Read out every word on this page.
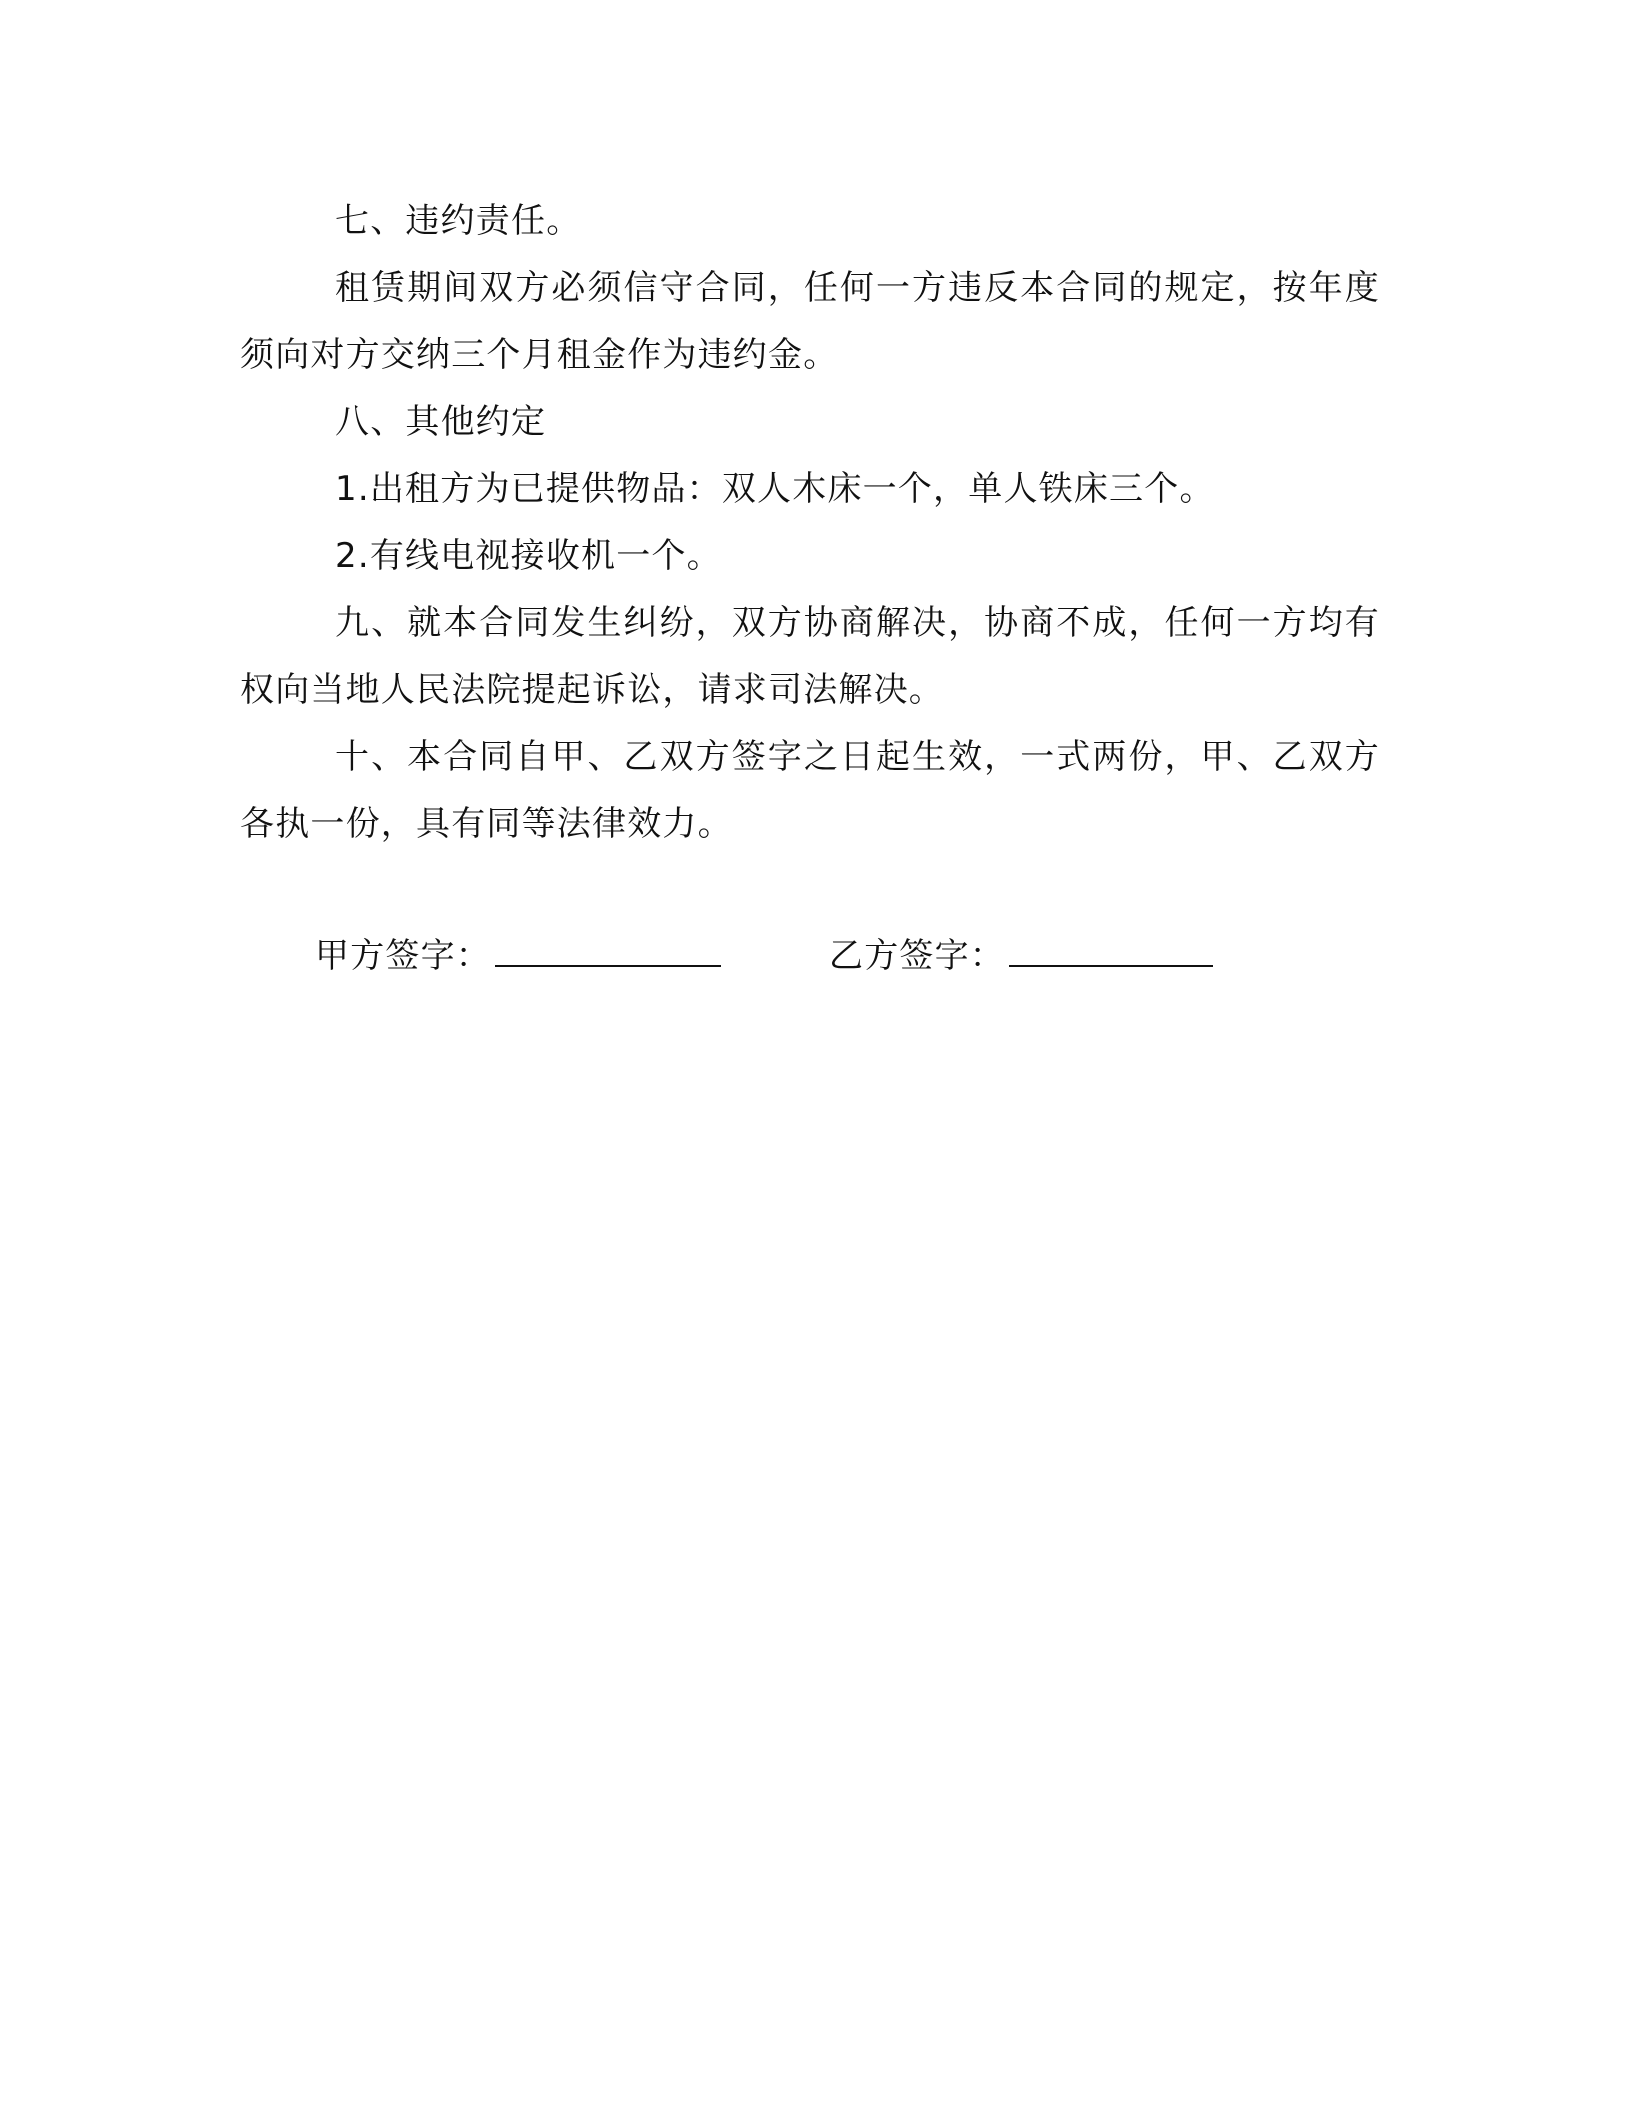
七、违约责任。

租赁期间双方必须信守合同，任何一方违反本合同的规定，按年度须向对方交纳三个月租金作为违约金。

八、其他约定

1.出租方为已提供物品：双人木床一个，单人铁床三个。

2.有线电视接收机一个。

九、就本合同发生纠纷，双方协商解决，协商不成，任何一方均有权向当地人民法院提起诉讼，请求司法解决。

十、本合同自甲、乙双方签字之日起生效，一式两份，甲、乙双方各执一份，具有同等法律效力。

甲方签字：	乙方签字：
